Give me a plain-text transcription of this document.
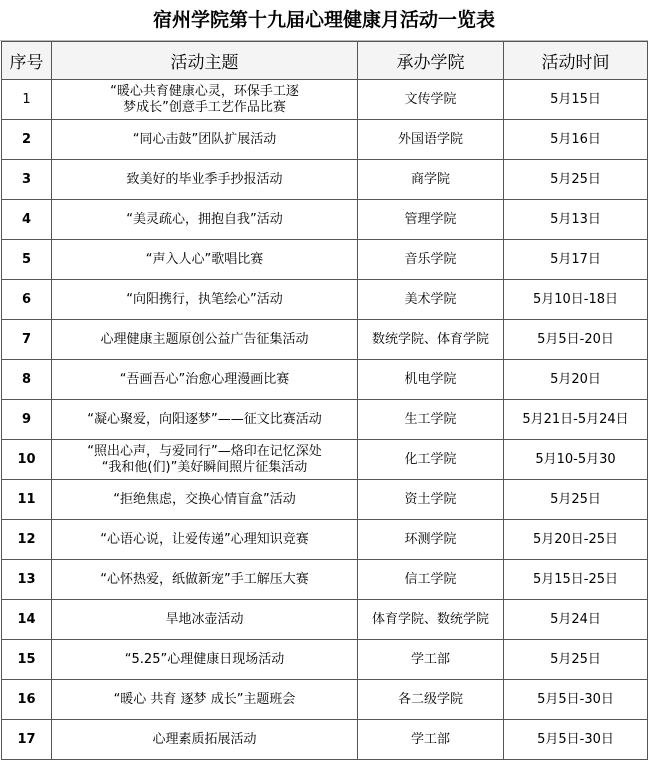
宿州学院第十九届心理健康月活动一览表
序号	活动主题	承办学院	活动时间
1	“暖心共育健康心灵，环保手工逐
梦成长”创意手工艺作品比赛	文传学院	5月15日
2	“同心击鼓”团队扩展活动	外国语学院	5月16日
3	致美好的毕业季手抄报活动	商学院	5月25日
4	“美灵疏心，拥抱自我”活动	管理学院	5月13日
5	“声入人心”歌唱比赛	音乐学院	5月17日
6	“向阳携行，执笔绘心”活动	美术学院	5月10日-18日
7	心理健康主题原创公益广告征集活动	数统学院、体育学院	5月5日-20日
8	“吾画吾心”治愈心理漫画比赛	机电学院	5月20日
9	“凝心聚爱，向阳逐梦”——征文比赛活动	生工学院	5月21日-5月24日
10	“照出心声，与爱同行”—烙印在记忆深处
“我和他(们)”美好瞬间照片征集活动	化工学院	5月10-5月30
11	“拒绝焦虑，交换心情盲盒”活动	资土学院	5月25日
12	“心语心说，让爱传递”心理知识竞赛	环测学院	5月20日-25日
13	“心怀热爱，纸做新宠”手工解压大赛	信工学院	5月15日-25日
14	旱地冰壶活动	体育学院、数统学院	5月24日
15	“5.25”心理健康日现场活动	学工部	5月25日
16	“暖心 共育 逐梦 成长”主题班会	各二级学院	5月5日-30日
17	心理素质拓展活动	学工部	5月5日-30日
